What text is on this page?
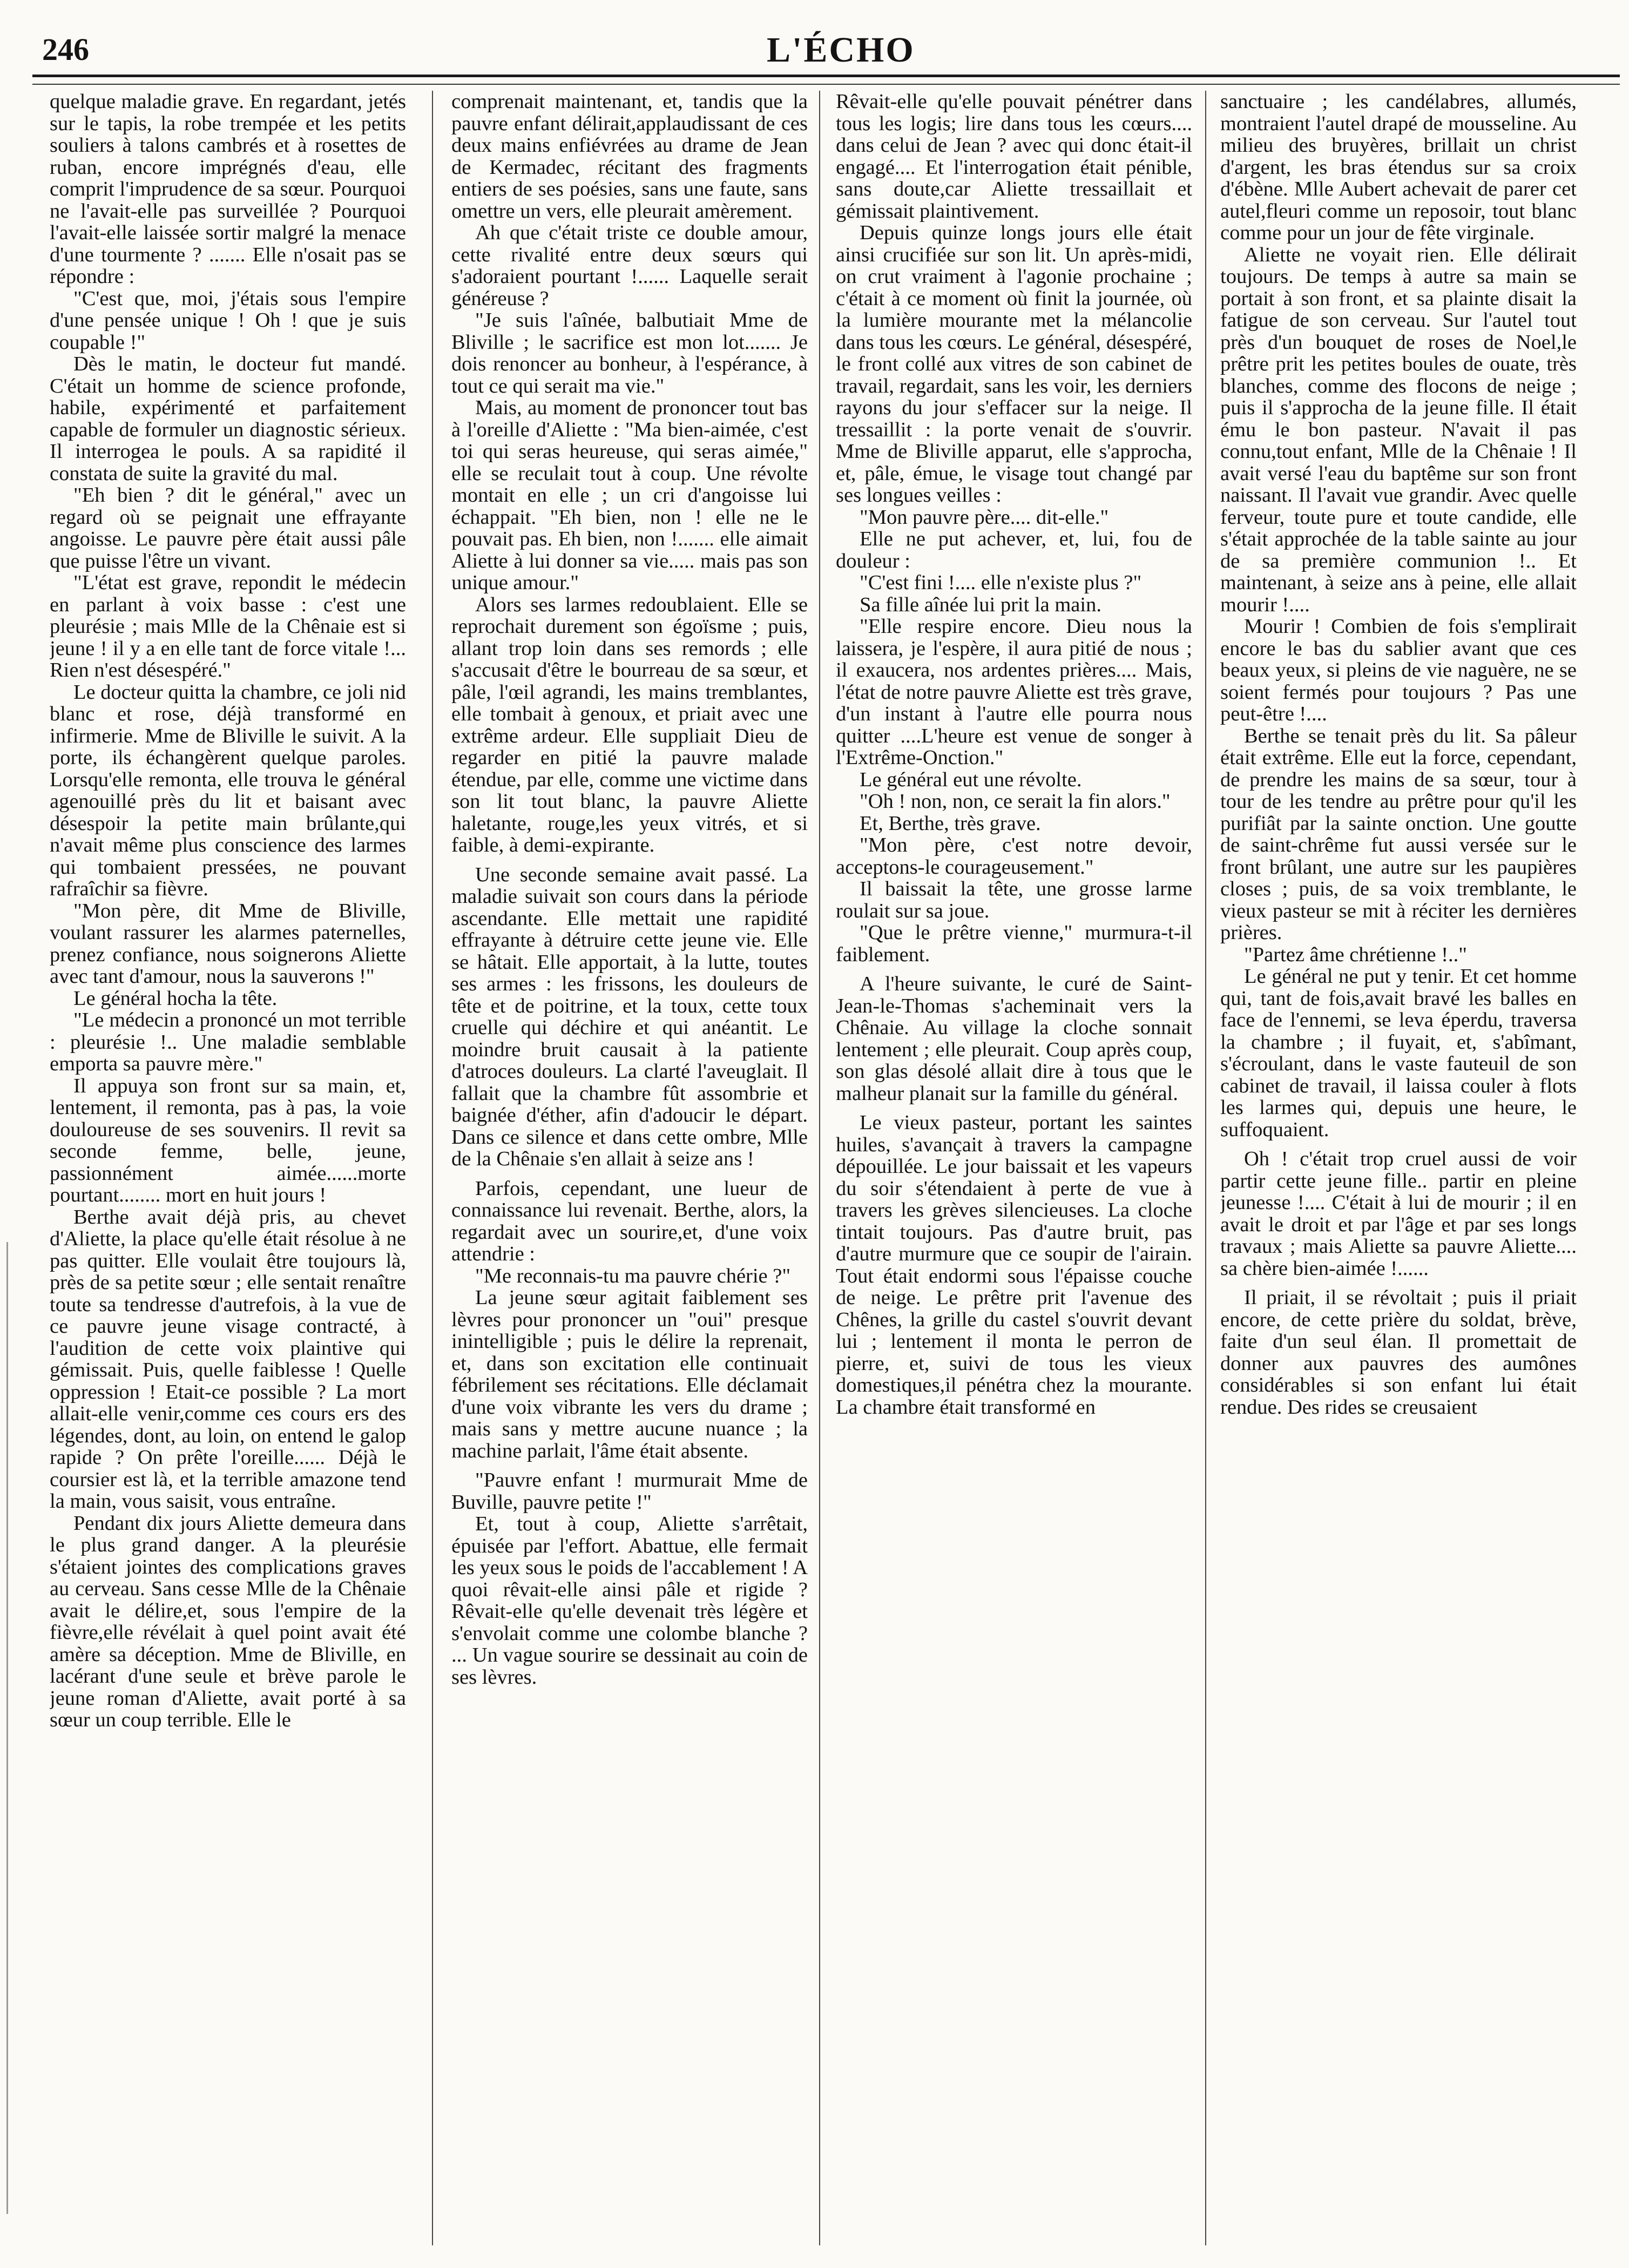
246	L'ÉCHO

quelque maladie grave. En regardant, jetés sur le tapis, la robe trempée et les petits souliers à talons cambrés et à rosettes de ruban, encore imprégnés d'eau, elle comprit l'imprudence de sa sœur. Pourquoi ne l'avait-elle pas surveillée ? Pourquoi l'avait-elle laissée sortir malgré la menace d'une tourmente ? ....... Elle n'osait pas se répondre :

"C'est que, moi, j'étais sous l'empire d'une pensée unique ! Oh ! que je suis coupable !"

Dès le matin, le docteur fut mandé. C'était un homme de science profonde, habile, expérimenté et parfaitement capable de formuler un diagnostic sérieux. Il interrogea le pouls. A sa rapidité il constata de suite la gravité du mal.

"Eh bien ? dit le général," avec un regard où se peignait une effrayante angoisse. Le pauvre père était aussi pâle que puisse l'être un vivant.

"L'état est grave, repondit le médecin en parlant à voix basse : c'est une pleurésie ; mais Mlle de la Chênaie est si jeune ! il y a en elle tant de force vitale !... Rien n'est désespéré."

Le docteur quitta la chambre, ce joli nid blanc et rose, déjà transformé en infirmerie. Mme de Bliville le suivit. A la porte, ils échangèrent quelque paroles. Lorsqu'elle remonta, elle trouva le général agenouillé près du lit et baisant avec désespoir la petite main brûlante,qui n'avait même plus conscience des larmes qui tombaient pressées, ne pouvant rafraîchir sa fièvre.

"Mon père, dit Mme de Bliville, voulant rassurer les alarmes paternelles, prenez confiance, nous soignerons Aliette avec tant d'amour, nous la sauverons !"

Le général hocha la tête.

"Le médecin a prononcé un mot terrible : pleurésie !.. Une maladie semblable emporta sa pauvre mère."

Il appuya son front sur sa main, et, lentement, il remonta, pas à pas, la voie douloureuse de ses souvenirs. Il revit sa seconde femme, belle, jeune, passionnément aimée......morte pourtant........ mort en huit jours !

Berthe avait déjà pris, au chevet d'Aliette, la place qu'elle était résolue à ne pas quitter. Elle voulait être toujours là, près de sa petite sœur ; elle sentait renaître toute sa tendresse d'autrefois, à la vue de ce pauvre jeune visage contracté, à l'audition de cette voix plaintive qui gémissait. Puis, quelle faiblesse ! Quelle oppression ! Etait-ce possible ? La mort allait-elle venir,comme ces cours ers des légendes, dont, au loin, on entend le galop rapide ? On prête l'oreille...... Déjà le coursier est là, et la terrible amazone tend la main, vous saisit, vous entraîne.

Pendant dix jours Aliette demeura dans le plus grand danger. A la pleurésie s'étaient jointes des complications graves au cerveau. Sans cesse Mlle de la Chênaie avait le délire,et, sous l'empire de la fièvre,elle révélait à quel point avait été amère sa déception. Mme de Bliville, en lacérant d'une seule et brève parole le jeune roman d'Aliette, avait porté à sa sœur un coup terrible. Elle le

comprenait maintenant, et, tandis que la pauvre enfant délirait,applaudissant de ces deux mains enfiévrées au drame de Jean de Kermadec, récitant des fragments entiers de ses poésies, sans une faute, sans omettre un vers, elle pleurait amèrement.

Ah que c'était triste ce double amour, cette rivalité entre deux sœurs qui s'adoraient pourtant !...... Laquelle serait généreuse ?

"Je suis l'aînée, balbutiait Mme de Bliville ; le sacrifice est mon lot....... Je dois renoncer au bonheur, à l'espérance, à tout ce qui serait ma vie."

Mais, au moment de prononcer tout bas à l'oreille d'Aliette : "Ma bien-aimée, c'est toi qui seras heureuse, qui seras aimée," elle se reculait tout à coup. Une révolte montait en elle ; un cri d'angoisse lui échappait. "Eh bien, non ! elle ne le pouvait pas. Eh bien, non !....... elle aimait Aliette à lui donner sa vie..... mais pas son unique amour."

Alors ses larmes redoublaient. Elle se reprochait durement son égoïsme ; puis, allant trop loin dans ses remords ; elle s'accusait d'être le bourreau de sa sœur, et pâle, l'œil agrandi, les mains tremblantes, elle tombait à genoux, et priait avec une extrême ardeur. Elle suppliait Dieu de regarder en pitié la pauvre malade étendue, par elle, comme une victime dans son lit tout blanc, la pauvre Aliette haletante, rouge,les yeux vitrés, et si faible, à demi-expirante.

Une seconde semaine avait passé. La maladie suivait son cours dans la période ascendante. Elle mettait une rapidité effrayante à détruire cette jeune vie. Elle se hâtait. Elle apportait, à la lutte, toutes ses armes : les frissons, les douleurs de tête et de poitrine, et la toux, cette toux cruelle qui déchire et qui anéantit. Le moindre bruit causait à la patiente d'atroces douleurs. La clarté l'aveuglait. Il fallait que la chambre fût assombrie et baignée d'éther, afin d'adoucir le départ. Dans ce silence et dans cette ombre, Mlle de la Chênaie s'en allait à seize ans !

Parfois, cependant, une lueur de connaissance lui revenait. Berthe, alors, la regardait avec un sourire,et, d'une voix attendrie :

"Me reconnais-tu ma pauvre chérie ?"

La jeune sœur agitait faiblement ses lèvres pour prononcer un "oui" presque inintelligible ; puis le délire la reprenait, et, dans son excitation elle continuait fébrilement ses récitations. Elle déclamait d'une voix vibrante les vers du drame ; mais sans y mettre aucune nuance ; la machine parlait, l'âme était absente.

"Pauvre enfant ! murmurait Mme de Buville, pauvre petite !"

Et, tout à coup, Aliette s'arrêtait, épuisée par l'effort. Abattue, elle fermait les yeux sous le poids de l'accablement ! A quoi rêvait-elle ainsi pâle et rigide ? Rêvait-elle qu'elle devenait très légère et s'envolait comme une colombe blanche ? ... Un vague sourire se dessinait au coin de ses lèvres.

Rêvait-elle qu'elle pouvait pénétrer dans tous les logis; lire dans tous les cœurs.... dans celui de Jean ? avec qui donc était-il engagé.... Et l'interrogation était pénible, sans doute,car Aliette tressaillait et gémissait plaintivement.

Depuis quinze longs jours elle était ainsi crucifiée sur son lit. Un après-midi, on crut vraiment à l'agonie prochaine ; c'était à ce moment où finit la journée, où la lumière mourante met la mélancolie dans tous les cœurs. Le général, désespéré, le front collé aux vitres de son cabinet de travail, regardait, sans les voir, les derniers rayons du jour s'effacer sur la neige. Il tressaillit : la porte venait de s'ouvrir. Mme de Bliville apparut, elle s'approcha, et, pâle, émue, le visage tout changé par ses longues veilles :

"Mon pauvre père.... dit-elle."

Elle ne put achever, et, lui, fou de douleur :

"C'est fini !.... elle n'existe plus ?"

Sa fille aînée lui prit la main.

"Elle respire encore. Dieu nous la laissera, je l'espère, il aura pitié de nous ; il exaucera, nos ardentes prières.... Mais, l'état de notre pauvre Aliette est très grave, d'un instant à l'autre elle pourra nous quitter ....L'heure est venue de songer à l'Extrême-Onction."

Le général eut une révolte.

"Oh ! non, non, ce serait la fin alors."

Et, Berthe, très grave.

"Mon père, c'est notre devoir, acceptons-le courageusement."

Il baissait la tête, une grosse larme roulait sur sa joue.

"Que le prêtre vienne," murmura-t-il faiblement.

A l'heure suivante, le curé de Saint-Jean-le-Thomas s'acheminait vers la Chênaie. Au village la cloche sonnait lentement ; elle pleurait. Coup après coup, son glas désolé allait dire à tous que le malheur planait sur la famille du général.

Le vieux pasteur, portant les saintes huiles, s'avançait à travers la campagne dépouillée. Le jour baissait et les vapeurs du soir s'étendaient à perte de vue à travers les grèves silencieuses. La cloche tintait toujours. Pas d'autre bruit, pas d'autre murmure que ce soupir de l'airain. Tout était endormi sous l'épaisse couche de neige. Le prêtre prit l'avenue des Chênes, la grille du castel s'ouvrit devant lui ; lentement il monta le perron de pierre, et, suivi de tous les vieux domestiques,il pénétra chez la mourante. La chambre était transformé en

sanctuaire ; les candélabres, allumés, montraient l'autel drapé de mousseline. Au milieu des bruyères, brillait un christ d'argent, les bras étendus sur sa croix d'ébène. Mlle Aubert achevait de parer cet autel,fleuri comme un reposoir, tout blanc comme pour un jour de fête virginale.

Aliette ne voyait rien. Elle délirait toujours. De temps à autre sa main se portait à son front, et sa plainte disait la fatigue de son cerveau. Sur l'autel tout près d'un bouquet de roses de Noel,le prêtre prit les petites boules de ouate, très blanches, comme des flocons de neige ; puis il s'approcha de la jeune fille. Il était ému le bon pasteur. N'avait il pas connu,tout enfant, Mlle de la Chênaie ! Il avait versé l'eau du baptême sur son front naissant. Il l'avait vue grandir. Avec quelle ferveur, toute pure et toute candide, elle s'était approchée de la table sainte au jour de sa première communion !.. Et maintenant, à seize ans à peine, elle allait mourir !....

Mourir ! Combien de fois s'emplirait encore le bas du sablier avant que ces beaux yeux, si pleins de vie naguère, ne se soient fermés pour toujours ? Pas une peut-être !....

Berthe se tenait près du lit. Sa pâleur était extrême. Elle eut la force, cependant, de prendre les mains de sa sœur, tour à tour de les tendre au prêtre pour qu'il les purifiât par la sainte onction. Une goutte de saint-chrême fut aussi versée sur le front brûlant, une autre sur les paupières closes ; puis, de sa voix tremblante, le vieux pasteur se mit à réciter les dernières prières.

"Partez âme chrétienne !.."

Le général ne put y tenir. Et cet homme qui, tant de fois,avait bravé les balles en face de l'ennemi, se leva éperdu, traversa la chambre ; il fuyait, et, s'abîmant, s'écroulant, dans le vaste fauteuil de son cabinet de travail, il laissa couler à flots les larmes qui, depuis une heure, le suffoquaient.

Oh ! c'était trop cruel aussi de voir partir cette jeune fille.. partir en pleine jeunesse !.... C'était à lui de mourir ; il en avait le droit et par l'âge et par ses longs travaux ; mais Aliette sa pauvre Aliette.... sa chère bien-aimée !......

Il priait, il se révoltait ; puis il priait encore, de cette prière du soldat, brève, faite d'un seul élan. Il promettait de donner aux pauvres des aumônes considérables si son enfant lui était rendue. Des rides se creusaient
